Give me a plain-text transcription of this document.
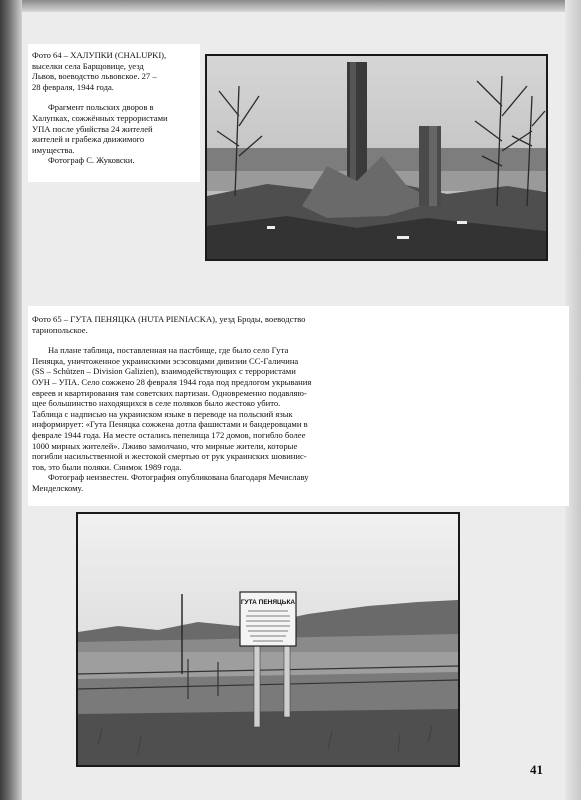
Фото 64 – ХАЛУПКИ (CHALUPKI),

выселки села Барщовице, уезд

Львов, воеводство львовское. 27 –

28 февраля, 1944 года.

Фрагмент польских дворов в

Халупках, сожжённых террористами

УПА после убийства 24 жителей

жителей и грабежа движимого

имущества.

Фотограф С. Жуковски.

Фото 65 – ГУТА ПЕНЯЦКА (HUTA PIENIACKA), уезд Броды, воеводство

тарнопольское.

На плане таблица, поставленная на пастбище, где было село Гута

Пеняцка, уничтоженное украинскими эсэсовцами дивизии СС-Галичина

(SS – Schützen – Division Galizien), взаимодействующих с террористами

ОУН – УПА. Село сожжено 28 февраля 1944 года под предлогом укрывания

евреев и квартирования там советских партизан. Одновременно подавляю-

щее большинство находящихся в селе поляков было жестоко убито.

Таблица с надписью на украинском языке в переводе на польский язык

информирует: «Гута Пеняцка сожжена дотла фашистами и бандеровцами в

феврале 1944 года. На месте остались пепелища 172 домов, погибло более

1000 мирных жителей». Лживо замолчано, что мирные жители, которые

погибли насильственной и жестокой смертью от рук украинских шовинис-

тов, это были поляки. Снимок 1989 года.

Фотограф неизвестен. Фотография опубликована благодаря Мечиславу

Менделскому.

ГУТА ПЕНЯЦЬКА
41
